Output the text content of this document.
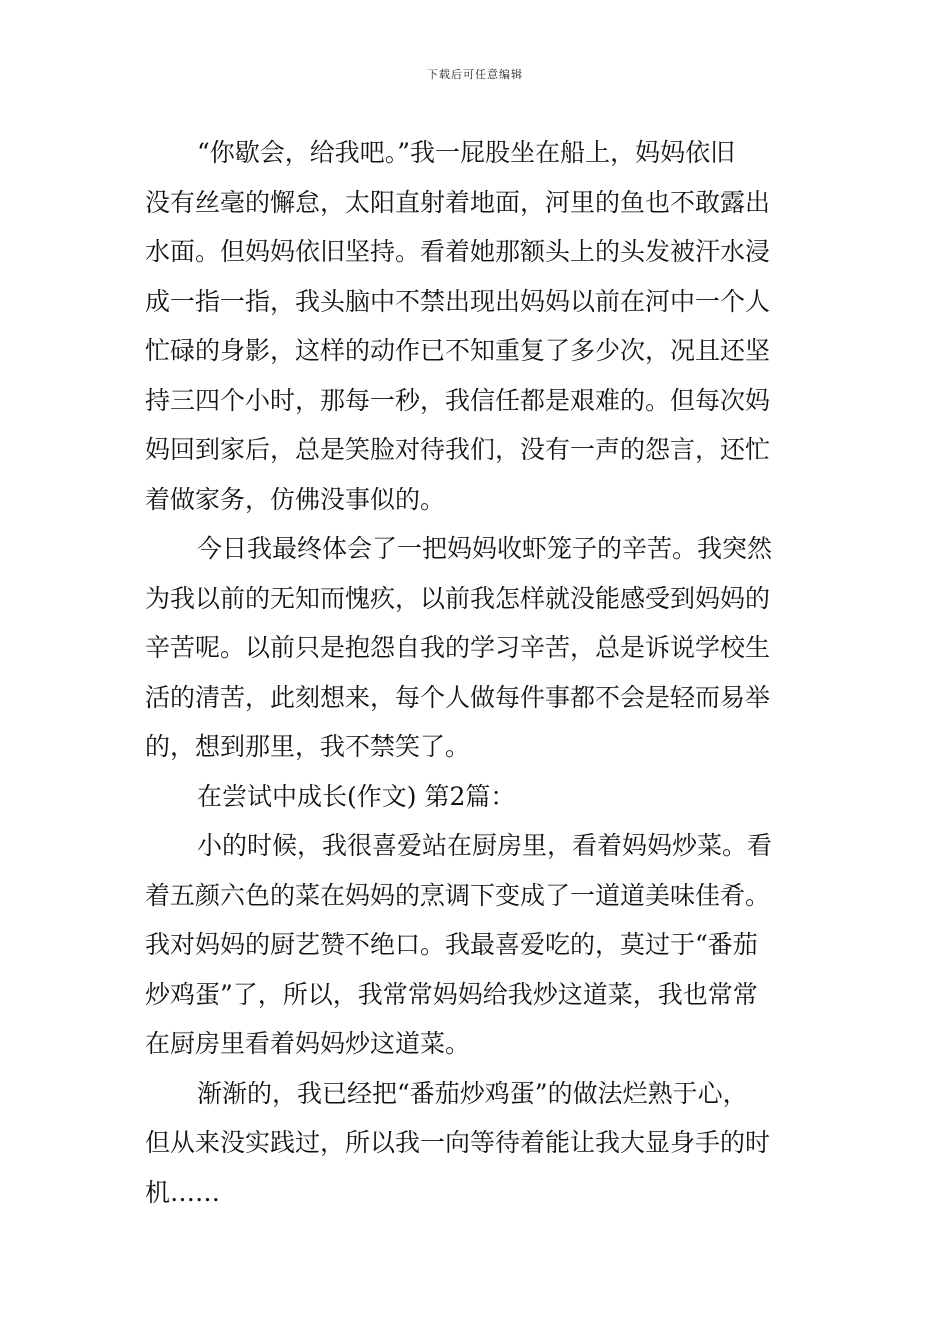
下载后可任意编辑
“你歇会，给我吧。”我一屁股坐在船上，妈妈依旧
没有丝毫的懈怠，太阳直射着地面，河里的鱼也不敢露出
水面。但妈妈依旧坚持。看着她那额头上的头发被汗水浸
成一指一指，我头脑中不禁出现出妈妈以前在河中一个人
忙碌的身影，这样的动作已不知重复了多少次，况且还坚
持三四个小时，那每一秒，我信任都是艰难的。但每次妈
妈回到家后，总是笑脸对待我们，没有一声的怨言，还忙
着做家务，仿佛没事似的。
今日我最终体会了一把妈妈收虾笼子的辛苦。我突然
为我以前的无知而愧疚，以前我怎样就没能感受到妈妈的
辛苦呢。以前只是抱怨自我的学习辛苦，总是诉说学校生
活的清苦，此刻想来，每个人做每件事都不会是轻而易举
的，想到那里，我不禁笑了。
在尝试中成长(作文) 第2篇：
小的时候，我很喜爱站在厨房里，看着妈妈炒菜。看
着五颜六色的菜在妈妈的烹调下变成了一道道美味佳肴。
我对妈妈的厨艺赞不绝口。我最喜爱吃的，莫过于“番茄
炒鸡蛋”了，所以，我常常妈妈给我炒这道菜，我也常常
在厨房里看着妈妈炒这道菜。
渐渐的，我已经把“番茄炒鸡蛋”的做法烂熟于心，
但从来没实践过，所以我一向等待着能让我大显身手的时
机……
